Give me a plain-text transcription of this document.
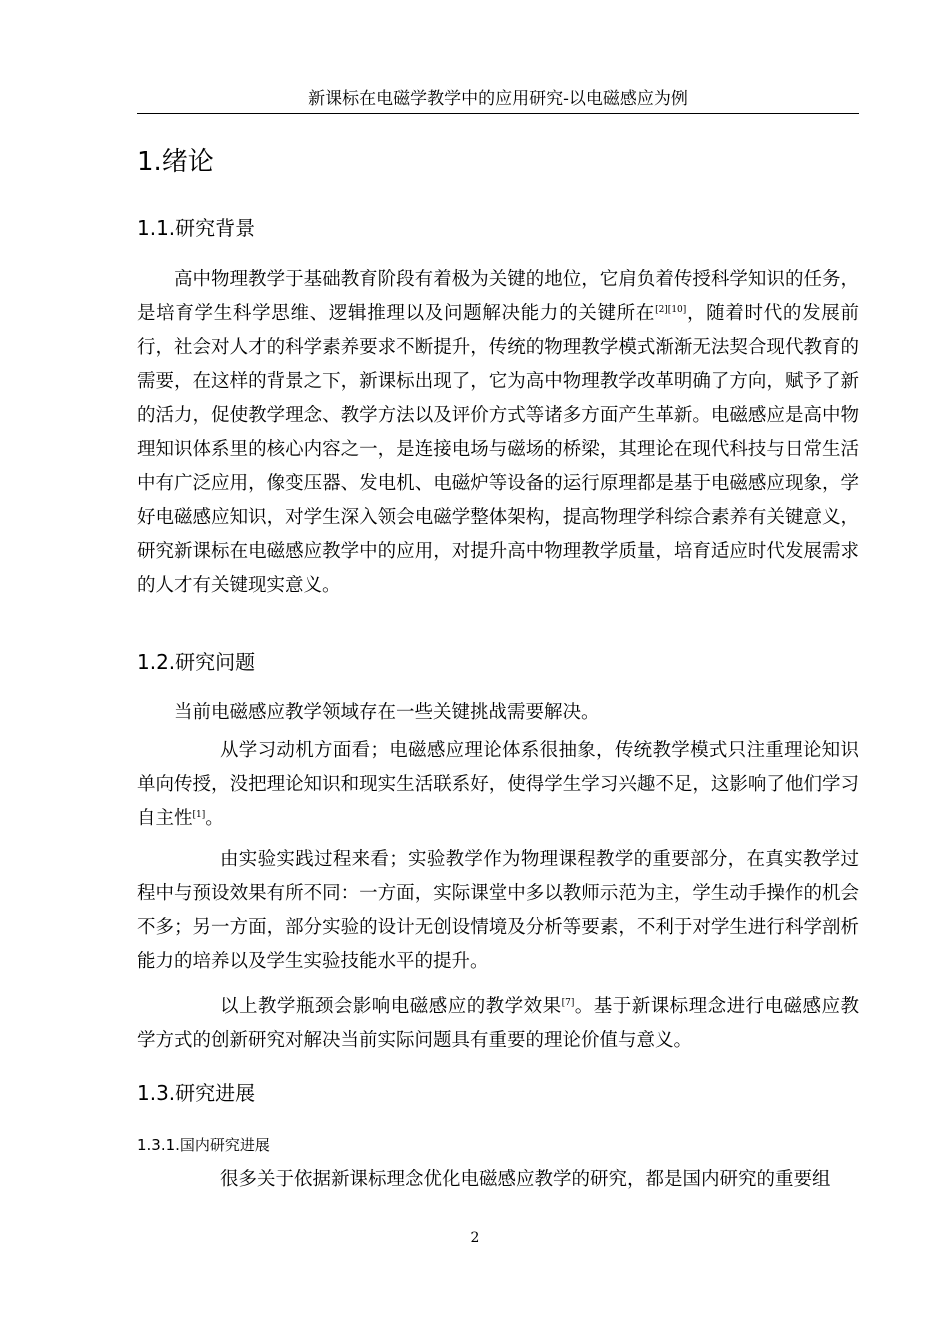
新课标在电磁学教学中的应用研究-以电磁感应为例
1.绪论
1.1.研究背景

高中物理教学于基础教育阶段有着极为关键的地位，它肩负着传授科学知识的任务，是培育学生科学思维、逻辑推理以及问题解决能力的关键所在[2][10]，随着时代的发展前行，社会对人才的科学素养要求不断提升，传统的物理教学模式渐渐无法契合现代教育的需要，在这样的背景之下，新课标出现了，它为高中物理教学改革明确了方向，赋予了新的活力，促使教学理念、教学方法以及评价方式等诸多方面产生革新。电磁感应是高中物理知识体系里的核心内容之一，是连接电场与磁场的桥梁，其理论在现代科技与日常生活中有广泛应用，像变压器、发电机、电磁炉等设备的运行原理都是基于电磁感应现象，学好电磁感应知识，对学生深入领会电磁学整体架构，提高物理学科综合素养有关键意义，研究新课标在电磁感应教学中的应用，对提升高中物理教学质量，培育适应时代发展需求的人才有关键现实意义。

1.2.研究问题

当前电磁感应教学领域存在一些关键挑战需要解决。

从学习动机方面看；电磁感应理论体系很抽象，传统教学模式只注重理论知识单向传授，没把理论知识和现实生活联系好，使得学生学习兴趣不足，这影响了他们学习自主性[1]。

由实验实践过程来看；实验教学作为物理课程教学的重要部分，在真实教学过程中与预设效果有所不同：一方面，实际课堂中多以教师示范为主，学生动手操作的机会不多；另一方面，部分实验的设计无创设情境及分析等要素，不利于对学生进行科学剖析能力的培养以及学生实验技能水平的提升。

以上教学瓶颈会影响电磁感应的教学效果[7]。基于新课标理念进行电磁感应教学方式的创新研究对解决当前实际问题具有重要的理论价值与意义。

1.3.研究进展
1.3.1.国内研究进展

很多关于依据新课标理念优化电磁感应教学的研究，都是国内研究的重要组

2
